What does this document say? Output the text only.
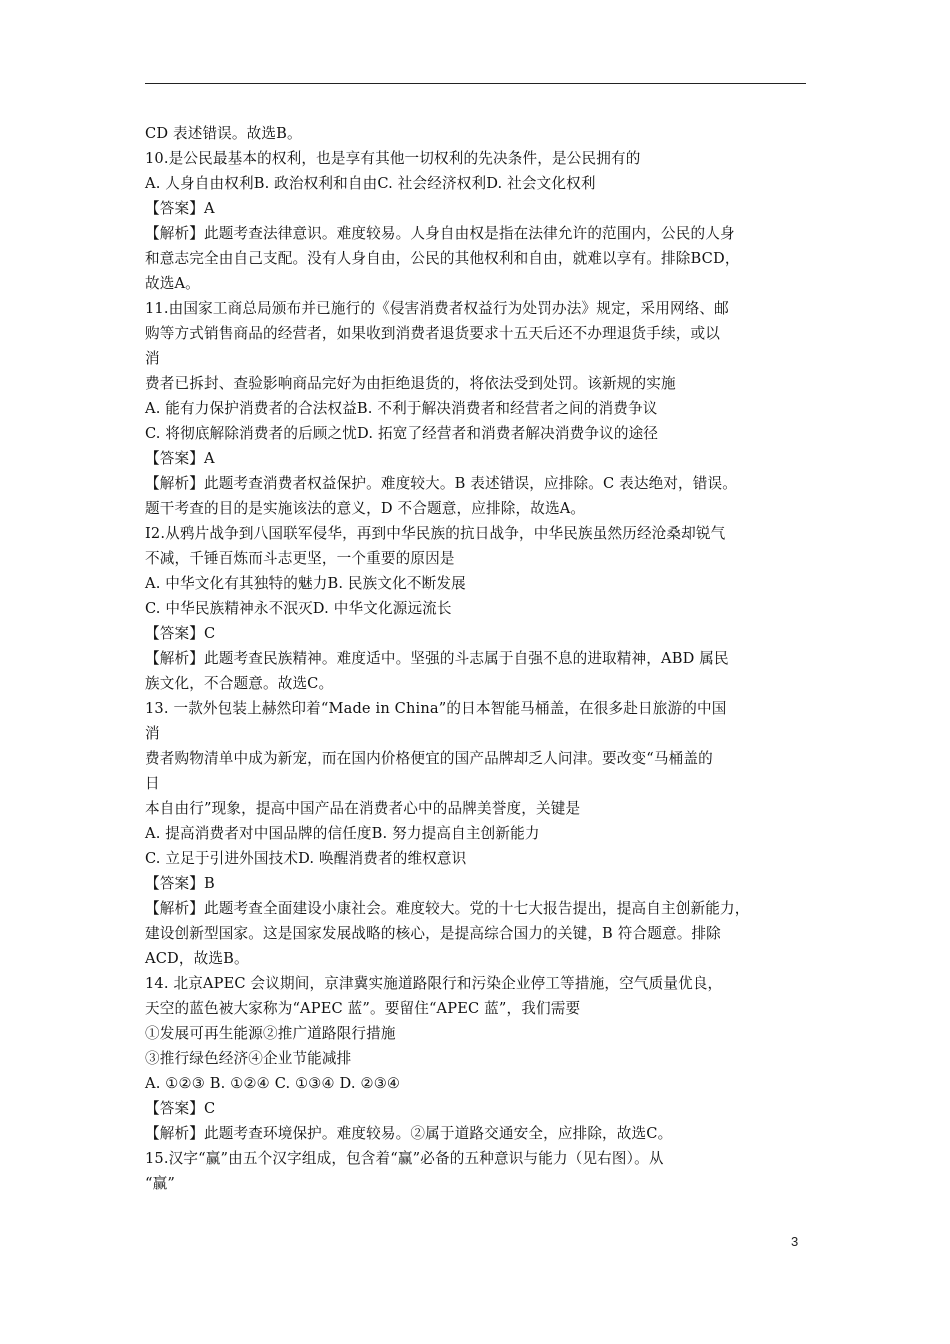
CD 表述错误。故选B。
10.是公民最基本的权利，也是享有其他一切权利的先决条件，是公民拥有的
A. 人身自由权利B. 政治权利和自由C. 社会经济权利D. 社会文化权利
【答案】A
【解析】此题考查法律意识。难度较易。人身自由权是指在法律允许的范围内，公民的人身
和意志完全由自己支配。没有人身自由，公民的其他权利和自由，就难以享有。排除BCD，
故选A。
11.由国家工商总局颁布并已施行的《侵害消费者权益行为处罚办法》规定，采用网络、邮
购等方式销售商品的经营者，如果收到消费者退货要求十五天后还不办理退货手续，或以
消
费者已拆封、查验影响商品完好为由拒绝退货的，将依法受到处罚。该新规的实施
A. 能有力保护消费者的合法权益B. 不利于解决消费者和经营者之间的消费争议
C. 将彻底解除消费者的后顾之忧D. 拓宽了经营者和消费者解决消费争议的途径
【答案】A
【解析】此题考查消费者权益保护。难度较大。B 表述错误，应排除。C 表达绝对，错误。
题干考查的目的是实施该法的意义，D 不合题意，应排除，故选A。
I2.从鸦片战争到八国联军侵华，再到中华民族的抗日战争，中华民族虽然历经沧桑却锐气
不减，千锤百炼而斗志更坚，一个重要的原因是
A. 中华文化有其独特的魅力B. 民族文化不断发展
C. 中华民族精神永不泯灭D. 中华文化源远流长
【答案】C
【解析】此题考查民族精神。难度适中。坚强的斗志属于自强不息的进取精神，ABD 属民
族文化，不合题意。故选C。
13. 一款外包装上赫然印着“Made in China”的日本智能马桶盖，在很多赴日旅游的中国
消
费者购物清单中成为新宠，而在国内价格便宜的国产品牌却乏人问津。要改变“马桶盖的
日
本自由行”现象，提高中国产品在消费者心中的品牌美誉度，关键是
A. 提高消费者对中国品牌的信任度B. 努力提高自主创新能力
C. 立足于引进外国技术D. 唤醒消费者的维权意识
【答案】B
【解析】此题考查全面建设小康社会。难度较大。党的十七大报告提出，提高自主创新能力，
建设创新型国家。这是国家发展战略的核心，是提高综合国力的关键，B 符合题意。排除
ACD，故选B。
14. 北京APEC 会议期间，京津冀实施道路限行和污染企业停工等措施，空气质量优良，
天空的蓝色被大家称为“APEC 蓝”。要留住“APEC 蓝”，我们需要
①发展可再生能源②推广道路限行措施
③推行绿色经济④企业节能减排
A. ①②③ B. ①②④ C. ①③④ D. ②③④
【答案】C
【解析】此题考查环境保护。难度较易。②属于道路交通安全，应排除，故选C。
15.汉字“赢”由五个汉字组成，包含着“赢”必备的五种意识与能力（见右图）。从
“赢”
3
